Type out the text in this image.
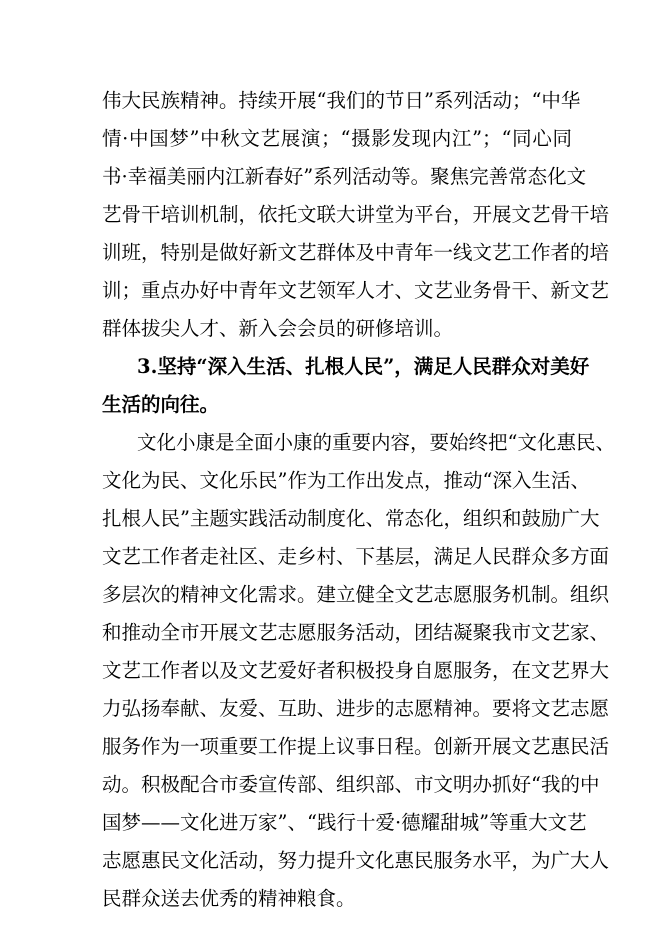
伟大民族精神。持续开展“我们的节日”系列活动；“中华
情·中国梦”中秋文艺展演；“摄影发现内江”；“同心同
书·幸福美丽内江新春好”系列活动等。聚焦完善常态化文
艺骨干培训机制，依托文联大讲堂为平台，开展文艺骨干培
训班，特别是做好新文艺群体及中青年一线文艺工作者的培
训；重点办好中青年文艺领军人才、文艺业务骨干、新文艺
群体拔尖人才、新入会会员的研修培训。
3.坚持“深入生活、扎根人民”，满足人民群众对美好
生活的向往。
文化小康是全面小康的重要内容，要始终把“文化惠民、
文化为民、文化乐民”作为工作出发点，推动“深入生活、
扎根人民”主题实践活动制度化、常态化，组织和鼓励广大
文艺工作者走社区、走乡村、下基层，满足人民群众多方面
多层次的精神文化需求。建立健全文艺志愿服务机制。组织
和推动全市开展文艺志愿服务活动，团结凝聚我市文艺家、
文艺工作者以及文艺爱好者积极投身自愿服务，在文艺界大
力弘扬奉献、友爱、互助、进步的志愿精神。要将文艺志愿
服务作为一项重要工作提上议事日程。创新开展文艺惠民活
动。积极配合市委宣传部、组织部、市文明办抓好“我的中
国梦——文化进万家”、“践行十爱·德耀甜城”等重大文艺
志愿惠民文化活动，努力提升文化惠民服务水平，为广大人
民群众送去优秀的精神粮食。
